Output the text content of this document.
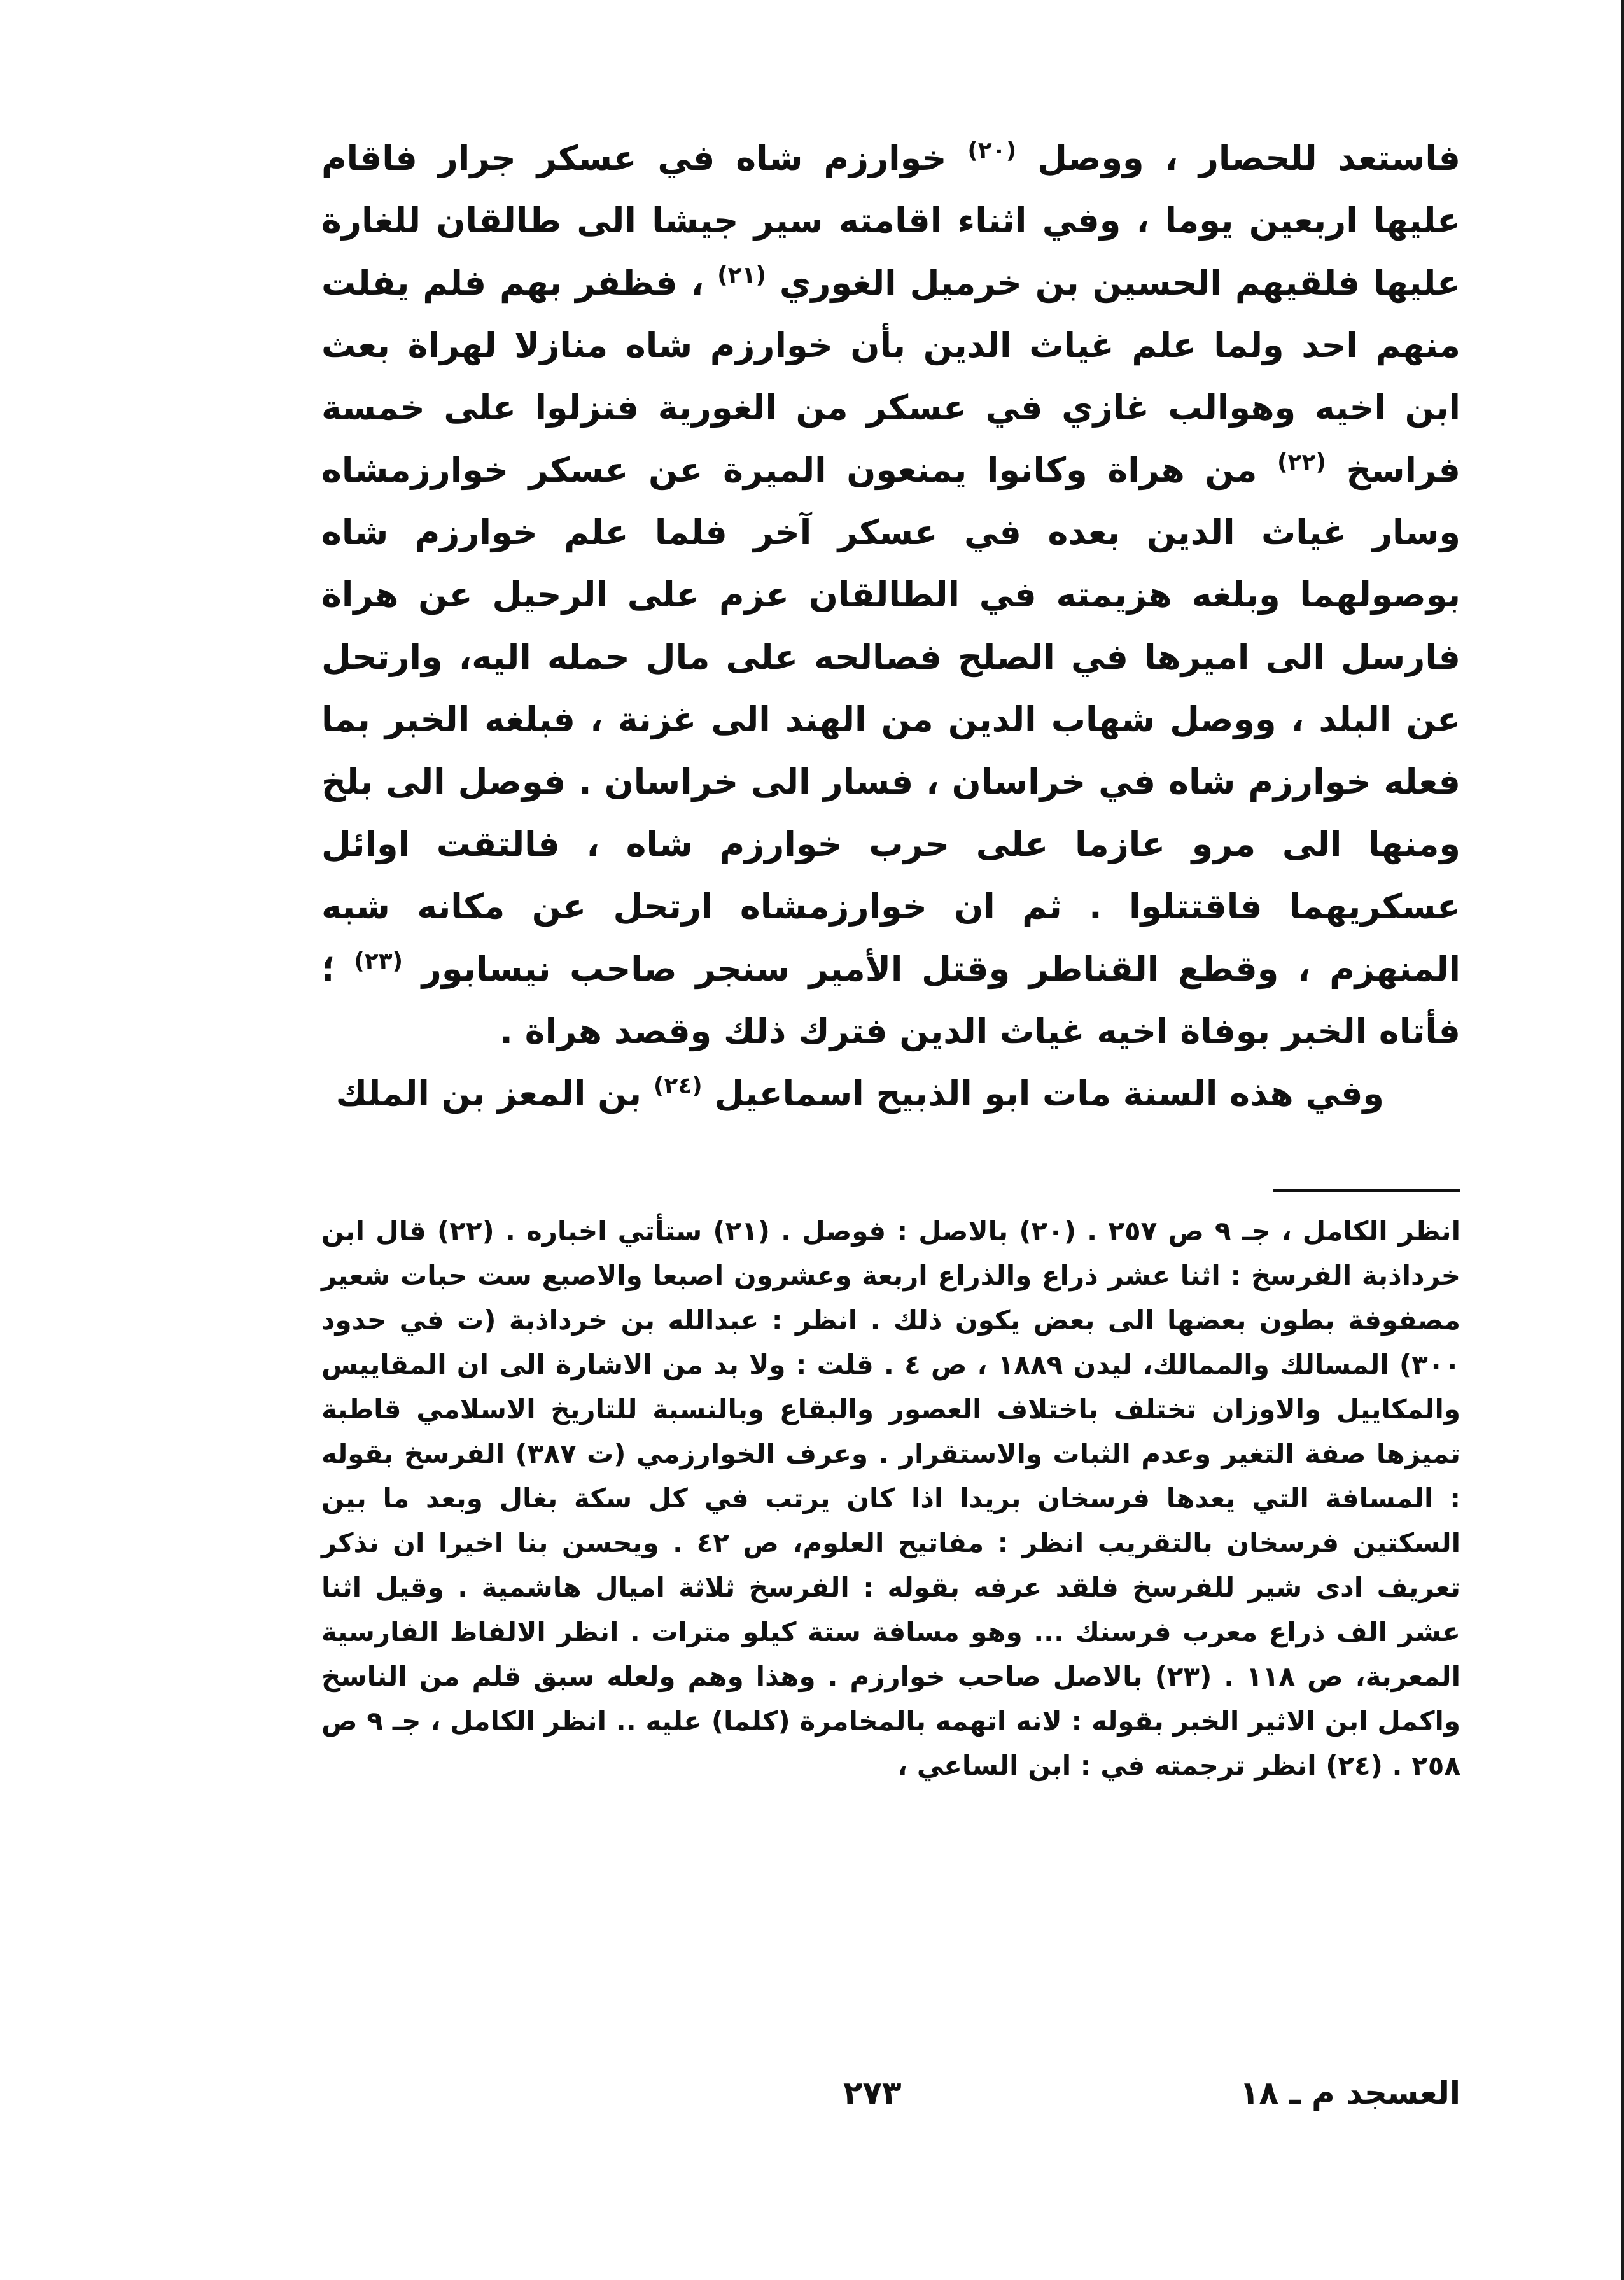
فاستعد للحصار ، ووصل $^{(٢٠)}$ خوارزم شاه في عسكر جرار فاقام عليها اربعين يوما ، وفي اثناء اقامته سير جيشا الى طالقان للغارة عليها فلقيهم الحسين بن خرميل الغوري $^{(٢١)}$ ، فظفر بهم فلم يفلت منهم احد ولما علم غياث الدين بأن خوارزم شاه منازلا لهراة بعث ابن اخيه وهوالب غازي في عسكر من الغورية فنزلوا على خمسة فراسخ $^{(٢٢)}$ من هراة وكانوا يمنعون الميرة عن عسكر خوارزمشاه وسار غياث الدين بعده في عسكر آخر فلما علم خوارزم شاه بوصولهما وبلغه هزيمته في الطالقان عزم على الرحيل عن هراة فارسل الى اميرها في الصلح فصالحه على مال حمله اليه، وارتحل عن البلد ، ووصل شهاب الدين من الهند الى غزنة ، فبلغه الخبر بما فعله خوارزم شاه في خراسان ، فسار الى خراسان . فوصل الى بلخ ومنها الى مرو عازما على حرب خوارزم شاه ، فالتقت اوائل عسكريهما فاقتتلوا . ثم ان خوارزمشاه ارتحل عن مكانه شبه المنهزم ، وقطع القناطر وقتل الأمير سنجر صاحب نيسابور $^{(٢٣)}$ ؛ فأتاه الخبر بوفاة اخيه غياث الدين فترك ذلك وقصد هراة .

وفي هذه السنة مات ابو الذبيح اسماعيل $^{(٢٤)}$ بن المعز بن الملك

انظر الكامل ، جـ ٩ ص ٢٥٧ . (٢٠) بالاصل : فوصل . (٢١) ستأتي اخباره . (٢٢) قال ابن خرداذبة الفرسخ : اثنا عشر ذراع والذراع اربعة وعشرون اصبعا والاصبع ست حبات شعير مصفوفة بطون بعضها الى بعض يكون ذلك . انظر : عبدالله بن خرداذبة (ت في حدود ٣٠٠) المسالك والممالك، ليدن ١٨٨٩ ، ص ٤ . قلت : ولا بد من الاشارة الى ان المقاييس والمكاييل والاوزان تختلف باختلاف العصور والبقاع وبالنسبة للتاريخ الاسلامي قاطبة تميزها صفة التغير وعدم الثبات والاستقرار . وعرف الخوارزمي (ت ٣٨٧) الفرسخ بقوله : المسافة التي يعدها فرسخان بريدا اذا كان يرتب في كل سكة بغال وبعد ما بين السكتين فرسخان بالتقريب انظر : مفاتيح العلوم، ص ٤٢ . ويحسن بنا اخيرا ان نذكر تعريف ادى شير للفرسخ فلقد عرفه بقوله : الفرسخ ثلاثة اميال هاشمية . وقيل اثنا عشر الف ذراع معرب فرسنك ... وهو مسافة ستة كيلو مترات . انظر الالفاظ الفارسية المعربة، ص ١١٨ . (٢٣) بالاصل صاحب خوارزم . وهذا وهم ولعله سبق قلم من الناسخ واكمل ابن الاثير الخبر بقوله : لانه اتهمه بالمخامرة (كلما) عليه .. انظر الكامل ، جـ ٩ ص ٢٥٨ . (٢٤) انظر ترجمته في : ابن الساعي ،
العسجد م ـ ١٨
٢٧٣
